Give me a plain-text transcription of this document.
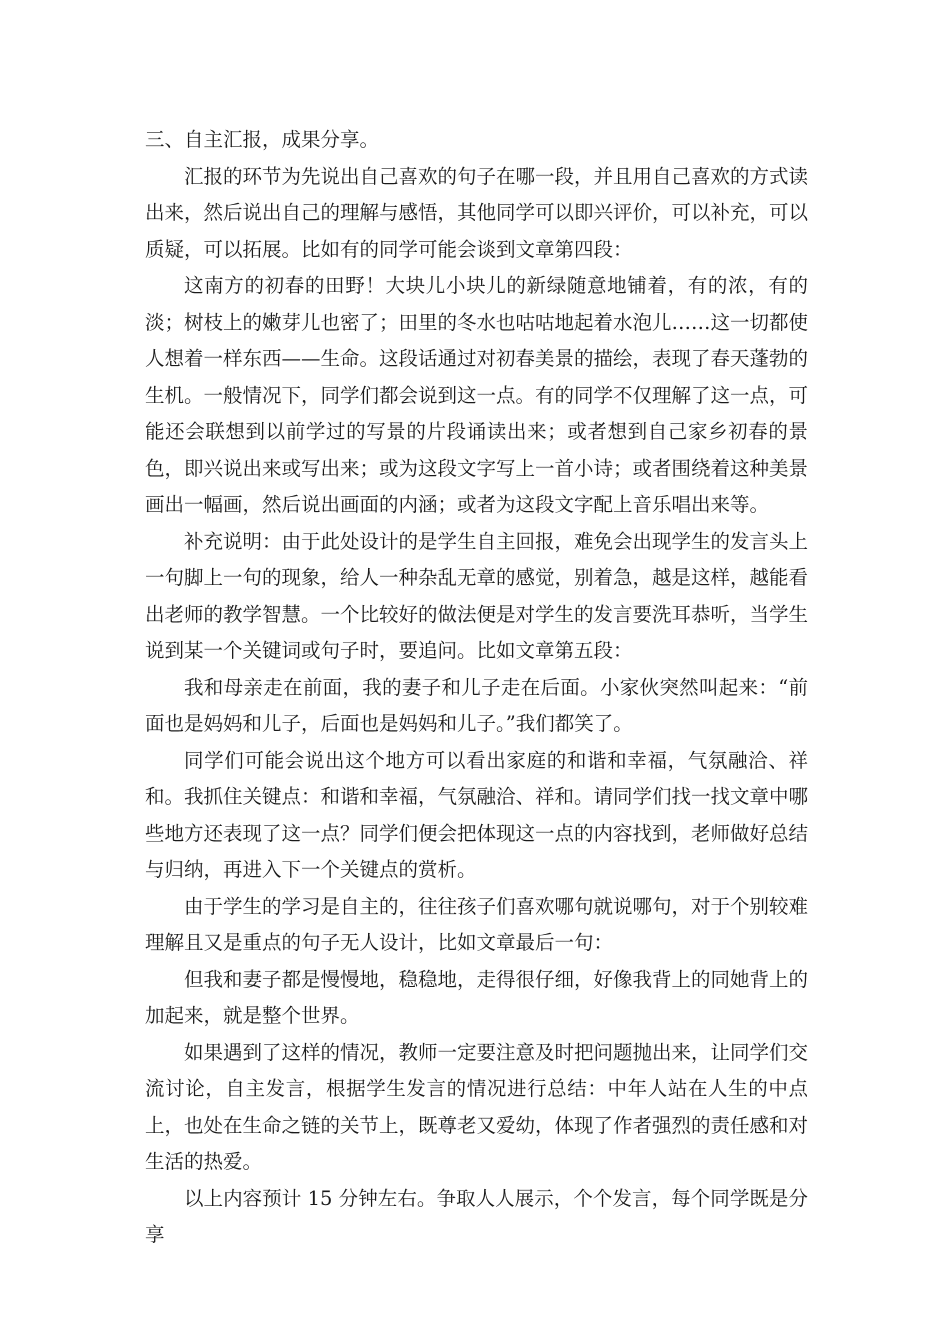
三、自主汇报，成果分享。

汇报的环节为先说出自己喜欢的句子在哪一段，并且用自己喜欢的方式读出来，然后说出自己的理解与感悟，其他同学可以即兴评价，可以补充，可以质疑，可以拓展。比如有的同学可能会谈到文章第四段：

这南方的初春的田野！大块儿小块儿的新绿随意地铺着，有的浓，有的淡；树枝上的嫩芽儿也密了；田里的冬水也咕咕地起着水泡儿……这一切都使人想着一样东西——生命。这段话通过对初春美景的描绘，表现了春天蓬勃的生机。一般情况下，同学们都会说到这一点。有的同学不仅理解了这一点，可能还会联想到以前学过的写景的片段诵读出来；或者想到自己家乡初春的景色，即兴说出来或写出来；或为这段文字写上一首小诗；或者围绕着这种美景画出一幅画，然后说出画面的内涵；或者为这段文字配上音乐唱出来等。

补充说明：由于此处设计的是学生自主回报，难免会出现学生的发言头上一句脚上一句的现象，给人一种杂乱无章的感觉，别着急，越是这样，越能看出老师的教学智慧。一个比较好的做法便是对学生的发言要洗耳恭听，当学生说到某一个关键词或句子时，要追问。比如文章第五段：

我和母亲走在前面，我的妻子和儿子走在后面。小家伙突然叫起来：“前面也是妈妈和儿子，后面也是妈妈和儿子。”我们都笑了。

同学们可能会说出这个地方可以看出家庭的和谐和幸福，气氛融洽、祥和。我抓住关键点：和谐和幸福，气氛融洽、祥和。请同学们找一找文章中哪些地方还表现了这一点？同学们便会把体现这一点的内容找到，老师做好总结与归纳，再进入下一个关键点的赏析。

由于学生的学习是自主的，往往孩子们喜欢哪句就说哪句，对于个别较难理解且又是重点的句子无人设计，比如文章最后一句：

但我和妻子都是慢慢地，稳稳地，走得很仔细，好像我背上的同她背上的加起来，就是整个世界。

如果遇到了这样的情况，教师一定要注意及时把问题抛出来，让同学们交流讨论，自主发言，根据学生发言的情况进行总结：中年人站在人生的中点上，也处在生命之链的关节上，既尊老又爱幼，体现了作者强烈的责任感和对生活的热爱。

以上内容预计 15 分钟左右。争取人人展示，个个发言，每个同学既是分享
